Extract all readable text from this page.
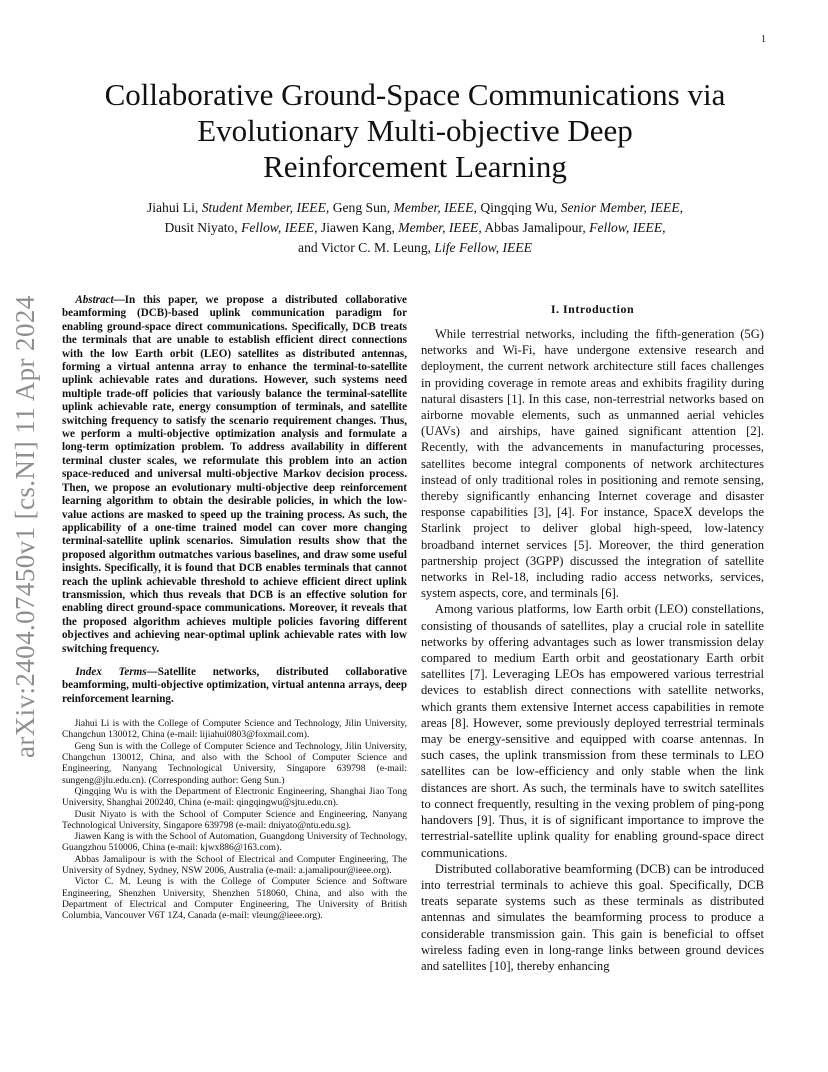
1
arXiv:2404.07450v1 [cs.NI] 11 Apr 2024
Collaborative Ground-Space Communications via
Evolutionary Multi-objective Deep
Reinforcement Learning
Jiahui Li, Student Member, IEEE, Geng Sun, Member, IEEE, Qingqing Wu, Senior Member, IEEE,
Dusit Niyato, Fellow, IEEE, Jiawen Kang, Member, IEEE, Abbas Jamalipour, Fellow, IEEE,
and Victor C. M. Leung, Life Fellow, IEEE

Abstract—In this paper, we propose a distributed collaborative beamforming (DCB)-based uplink communication paradigm for enabling ground-space direct communications. Specifically, DCB treats the terminals that are unable to establish efficient direct connections with the low Earth orbit (LEO) satellites as distributed antennas, forming a virtual antenna array to enhance the terminal-to-satellite uplink achievable rates and durations. However, such systems need multiple trade-off policies that variously balance the terminal-satellite uplink achievable rate, energy consumption of terminals, and satellite switching frequency to satisfy the scenario requirement changes. Thus, we perform a multi-objective optimization analysis and formulate a long-term optimization problem. To address availability in different terminal cluster scales, we reformulate this problem into an action space-reduced and universal multi-objective Markov decision process. Then, we propose an evolutionary multi-objective deep reinforcement learning algorithm to obtain the desirable policies, in which the low-value actions are masked to speed up the training process. As such, the applicability of a one-time trained model can cover more changing terminal-satellite uplink scenarios. Simulation results show that the proposed algorithm outmatches various baselines, and draw some useful insights. Specifically, it is found that DCB enables terminals that cannot reach the uplink achievable threshold to achieve efficient direct uplink transmission, which thus reveals that DCB is an effective solution for enabling direct ground-space communications. Moreover, it reveals that the proposed algorithm achieves multiple policies favoring different objectives and achieving near-optimal uplink achievable rates with low switching frequency.

Index Terms—Satellite networks, distributed collaborative beamforming, multi-objective optimization, virtual antenna arrays, deep reinforcement learning.

Jiahui Li is with the College of Computer Science and Technology, Jilin University, Changchun 130012, China (e-mail: lijiahui0803@foxmail.com).

Geng Sun is with the College of Computer Science and Technology, Jilin University, Changchun 130012, China, and also with the School of Computer Science and Engineering, Nanyang Technological University, Singapore 639798 (e-mail: sungeng@jlu.edu.cn). (Corresponding author: Geng Sun.)

Qingqing Wu is with the Department of Electronic Engineering, Shanghai Jiao Tong University, Shanghai 200240, China (e-mail: qingqingwu@sjtu.edu.cn).

Dusit Niyato is with the School of Computer Science and Engineering, Nanyang Technological University, Singapore 639798 (e-mail: dniyato@ntu.edu.sg).

Jiawen Kang is with the School of Automation, Guangdong University of Technology, Guangzhou 510006, China (e-mail: kjwx886@163.com).

Abbas Jamalipour is with the School of Electrical and Computer Engineering, The University of Sydney, Sydney, NSW 2006, Australia (e-mail: a.jamalipour@ieee.org).

Victor C. M. Leung is with the College of Computer Science and Software Engineering, Shenzhen University, Shenzhen 518060, China, and also with the Department of Electrical and Computer Engineering, The University of British Columbia, Vancouver V6T 1Z4, Canada (e-mail: vleung@ieee.org).

I. Introduction

While terrestrial networks, including the fifth-generation (5G) networks and Wi-Fi, have undergone extensive research and deployment, the current network architecture still faces challenges in providing coverage in remote areas and exhibits fragility during natural disasters [1]. In this case, non-terrestrial networks based on airborne movable elements, such as unmanned aerial vehicles (UAVs) and airships, have gained significant attention [2]. Recently, with the advancements in manufacturing processes, satellites become integral components of network architectures instead of only traditional roles in positioning and remote sensing, thereby significantly enhancing Internet coverage and disaster response capabilities [3], [4]. For instance, SpaceX develops the Starlink project to deliver global high-speed, low-latency broadband internet services [5]. Moreover, the third generation partnership project (3GPP) discussed the integration of satellite networks in Rel-18, including radio access networks, services, system aspects, core, and terminals [6].

Among various platforms, low Earth orbit (LEO) constellations, consisting of thousands of satellites, play a crucial role in satellite networks by offering advantages such as lower transmission delay compared to medium Earth orbit and geostationary Earth orbit satellites [7]. Leveraging LEOs has empowered various terrestrial devices to establish direct connections with satellite networks, which grants them extensive Internet access capabilities in remote areas [8]. However, some previously deployed terrestrial terminals may be energy-sensitive and equipped with coarse antennas. In such cases, the uplink transmission from these terminals to LEO satellites can be low-efficiency and only stable when the link distances are short. As such, the terminals have to switch satellites to connect frequently, resulting in the vexing problem of ping-pong handovers [9]. Thus, it is of significant importance to improve the terrestrial-satellite uplink quality for enabling ground-space direct communications.

Distributed collaborative beamforming (DCB) can be introduced into terrestrial terminals to achieve this goal. Specifically, DCB treats separate systems such as these terminals as distributed antennas and simulates the beamforming process to produce a considerable transmission gain. This gain is beneficial to offset wireless fading even in long-range links between ground devices and satellites [10], thereby enhancing
